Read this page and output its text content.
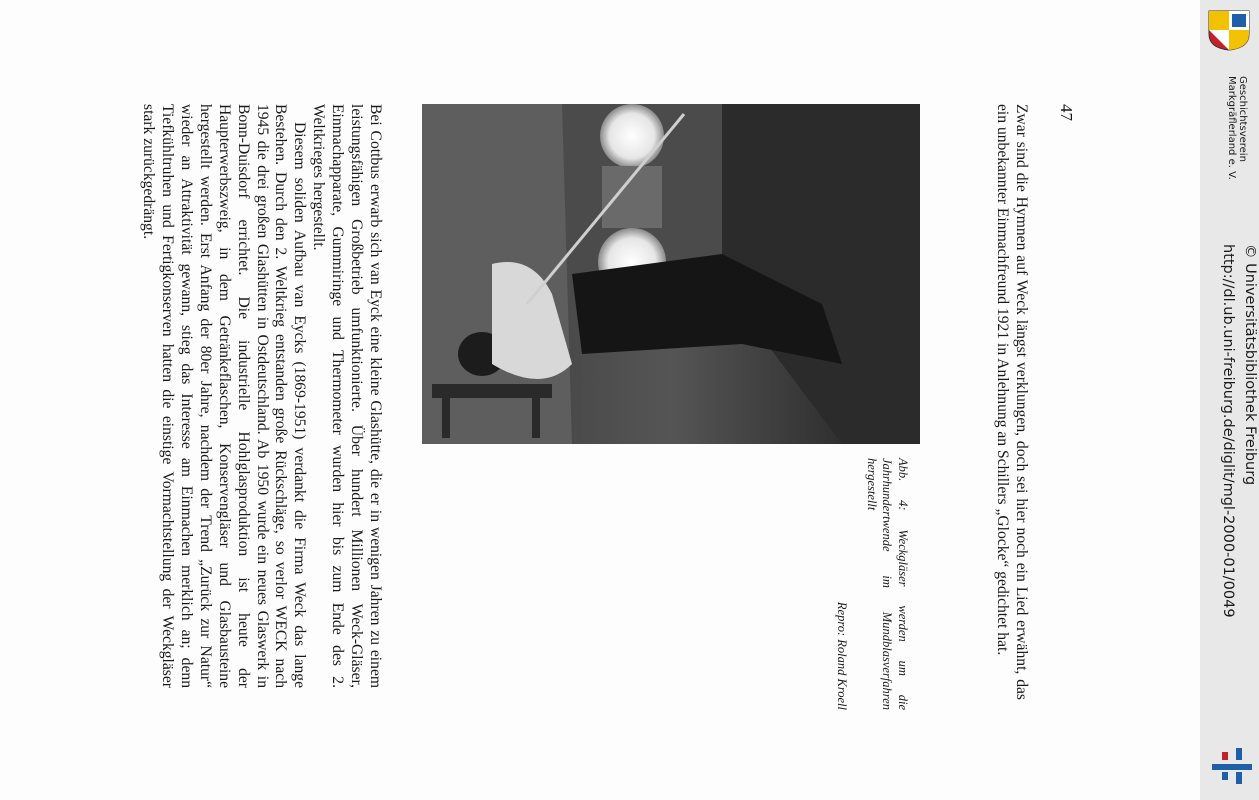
Bei Cottbus erwarb sich van Eyck eine kleine Glashütte, die er in wenigen Jahren zu einem leistungsfähigen Großbetrieb umfunktionierte. Über hundert Millionen Weck-Gläser, Einmachapparate, Gummiringe und Thermometer wurden hier bis zum Ende des 2. Weltkrieges hergestellt.

Diesem soliden Aufbau van Eycks (1869-1951) verdankt die Firma Weck das lange Bestehen. Durch den 2. Weltkrieg entstanden große Rückschläge, so verlor WECK nach 1945 die drei großen Glashütten in Ostdeutschland. Ab 1950 wurde ein neues Glaswerk in Bonn-Duisdorf errichtet. Die industrielle Hohlglasproduktion ist heute der Haupterwerbszweig, in dem Getränkeflaschen, Konservengläser und Glasbausteine hergestellt werden. Erst Anfang der 80er Jahre, nachdem der Trend „Zurück zur Natur“ wieder an Attraktivität gewann, stieg das Interesse am Einmachen merklich an; denn Tiefkühltruhen und Fertigkonserven hatten die einstige Vormachtstellung der Weckgläser stark zurückgedrängt.

Abb. 4: Weckgläser werden um die Jahrhundertwende im Mundblasverfahren hergestellt
Repro: Roland Kroell	Zwar sind die Hymnen auf Weck längst verklungen, doch sei hier noch ein Lied erwähnt, das ein unbekannter Einmachfreund 1921 in Anlehnung an Schillers „Glocke“ gedichtet hat.	47	Geschichtsverein
Markgräflerland e. V.
http://dl.ub.uni-freiburg.de/diglit/mgl-2000-01/0049 © Universitätsbibliothek Freiburg
